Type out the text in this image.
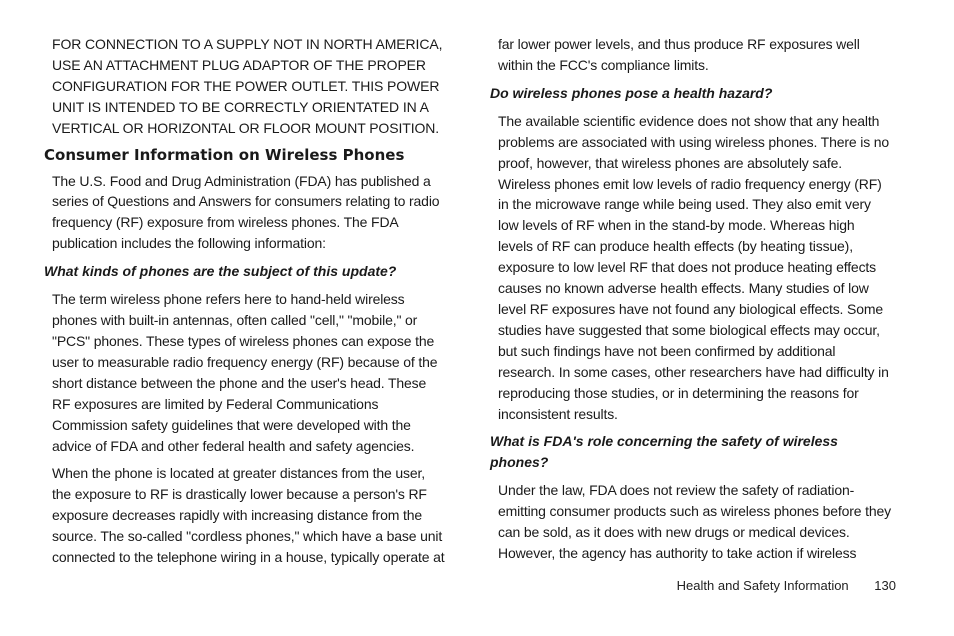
FOR CONNECTION TO A SUPPLY NOT IN NORTH AMERICA, USE AN ATTACHMENT PLUG ADAPTOR OF THE PROPER CONFIGURATION FOR THE POWER OUTLET. THIS POWER UNIT IS INTENDED TO BE CORRECTLY ORIENTATED IN A VERTICAL OR HORIZONTAL OR FLOOR MOUNT POSITION.

Consumer Information on Wireless Phones

The U.S. Food and Drug Administration (FDA) has published a series of Questions and Answers for consumers relating to radio frequency (RF) exposure from wireless phones. The FDA publication includes the following information:

What kinds of phones are the subject of this update?

The term wireless phone refers here to hand-held wireless phones with built-in antennas, often called "cell," "mobile," or "PCS" phones. These types of wireless phones can expose the user to measurable radio frequency energy (RF) because of the short distance between the phone and the user's head. These RF exposures are limited by Federal Communications Commission safety guidelines that were developed with the advice of FDA and other federal health and safety agencies.

When the phone is located at greater distances from the user, the exposure to RF is drastically lower because a person's RF exposure decreases rapidly with increasing distance from the source. The so-called "cordless phones," which have a base unit connected to the telephone wiring in a house, typically operate at

far lower power levels, and thus produce RF exposures well within the FCC's compliance limits.

Do wireless phones pose a health hazard?

The available scientific evidence does not show that any health problems are associated with using wireless phones. There is no proof, however, that wireless phones are absolutely safe. Wireless phones emit low levels of radio frequency energy (RF) in the microwave range while being used. They also emit very low levels of RF when in the stand-by mode. Whereas high levels of RF can produce health effects (by heating tissue), exposure to low level RF that does not produce heating effects causes no known adverse health effects. Many studies of low level RF exposures have not found any biological effects. Some studies have suggested that some biological effects may occur, but such findings have not been confirmed by additional research. In some cases, other researchers have had difficulty in reproducing those studies, or in determining the reasons for inconsistent results.

What is FDA's role concerning the safety of wireless phones?

Under the law, FDA does not review the safety of radiation-emitting consumer products such as wireless phones before they can be sold, as it does with new drugs or medical devices. However, the agency has authority to take action if wireless

Health and Safety Information 130
